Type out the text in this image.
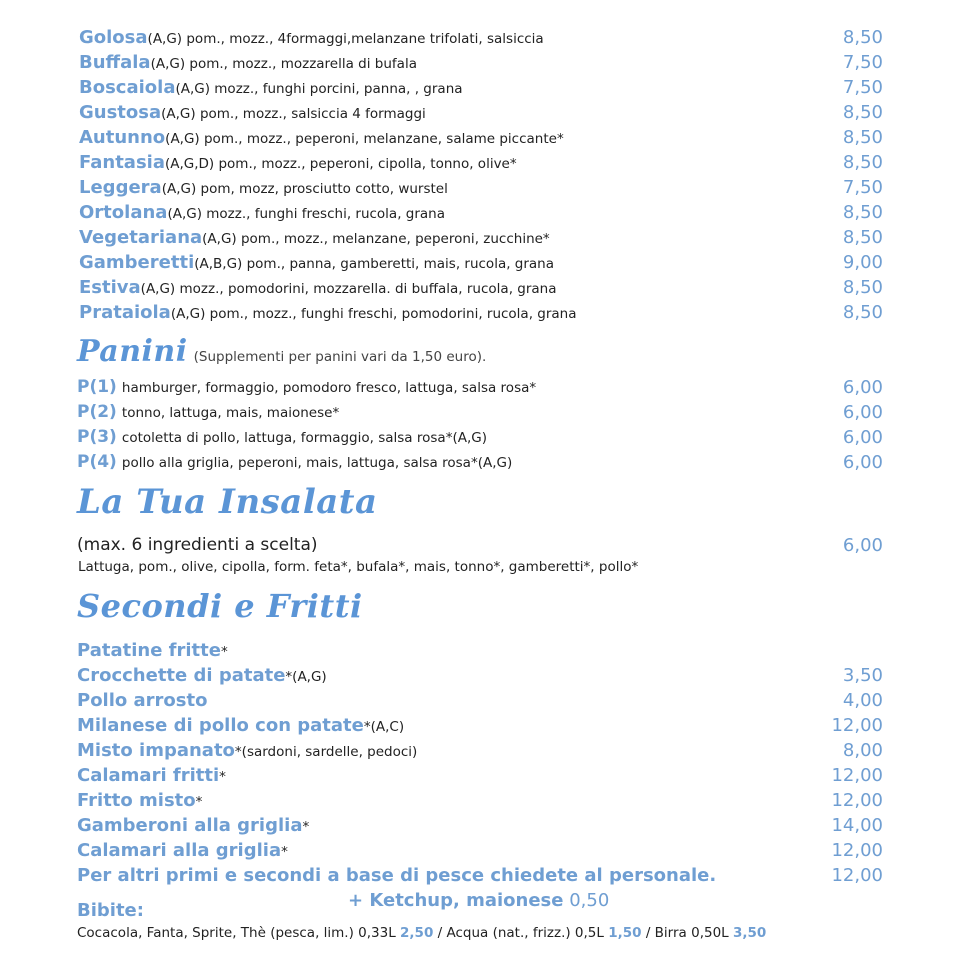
Golosa(A,G) pom., mozz., 4formaggi,melanzane trifolati, salsiccia	8,50
Buffala(A,G) pom., mozz., mozzarella di bufala	7,50
Boscaiola(A,G) mozz., funghi porcini, panna, , grana	7,50
Gustosa(A,G) pom., mozz., salsiccia 4 formaggi	8,50
Autunno(A,G) pom., mozz., peperoni, melanzane, salame piccante*	8,50
Fantasia(A,G,D) pom., mozz., peperoni, cipolla, tonno, olive*	8,50
Leggera(A,G) pom, mozz, prosciutto cotto, wurstel	7,50
Ortolana(A,G) mozz., funghi freschi, rucola, grana	8,50
Vegetariana(A,G) pom., mozz., melanzane, peperoni, zucchine*	8,50
Gamberetti(A,B,G) pom., panna, gamberetti, mais, rucola, grana	9,00
Estiva(A,G) mozz., pomodorini, mozzarella. di buffala, rucola, grana	8,50
Prataiola(A,G) pom., mozz., funghi freschi, pomodorini, rucola, grana	8,50
Panini (Supplementi per panini vari da 1,50 euro).
P(1) hamburger, formaggio, pomodoro fresco, lattuga, salsa rosa*	6,00
P(2) tonno, lattuga, mais, maionese*	6,00
P(3) cotoletta di pollo, lattuga, formaggio, salsa rosa*(A,G)	6,00
P(4) pollo alla griglia, peperoni, mais, lattuga, salsa rosa*(A,G)	6,00
La Tua Insalata
(max. 6 ingredienti a scelta)	6,00
Lattuga, pom., olive, cipolla, form. feta*, bufala*, mais, tonno*, gamberetti*, pollo*
Secondi e Fritti
Patatine fritte*
Crocchette di patate*(A,G)	3,50
Pollo arrosto	4,00
Milanese di pollo con patate*(A,C)	12,00
Misto impanato*(sardoni, sardelle, pedoci)	8,00
Calamari fritti*	12,00
Fritto misto*	12,00
Gamberoni alla griglia*	14,00
Calamari alla griglia*	12,00
Per altri primi e secondi a base di pesce chiedete al personale.	12,00
+ Ketchup, maionese 0,50
Bibite:
Cocacola, Fanta, Sprite, Thè (pesca, lim.) 0,33L 2,50 / Acqua (nat., frizz.) 0,5L 1,50 / Birra 0,50L 3,50
